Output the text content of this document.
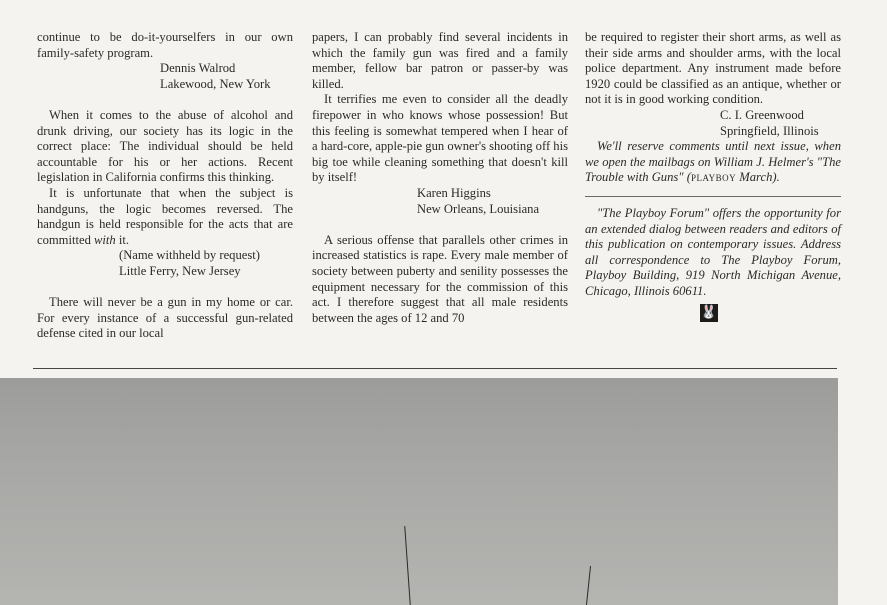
continue to be do-it-yourselfers in our own family-safety program.

Dennis Walrod

Lakewood, New York

When it comes to the abuse of alcohol and drunk driving, our society has its logic in the correct place: The individual should be held accountable for his or her actions. Recent legislation in California confirms this thinking.

It is unfortunate that when the subject is handguns, the logic becomes reversed. The handgun is held responsible for the acts that are committed with it.

(Name withheld by request)

Little Ferry, New Jersey

There will never be a gun in my home or car. For every instance of a successful gun-related defense cited in our local

papers, I can probably find several incidents in which the family gun was fired and a family member, fellow bar patron or passer-by was killed.

It terrifies me even to consider all the deadly firepower in who knows whose possession! But this feeling is somewhat tempered when I hear of a hard-core, apple-pie gun owner's shooting off his big toe while cleaning something that doesn't kill by itself!

Karen Higgins

New Orleans, Louisiana

A serious offense that parallels other crimes in increased statistics is rape. Every male member of society between puberty and senility possesses the equipment necessary for the commission of this act. I therefore suggest that all male residents between the ages of 12 and 70

be required to register their short arms, as well as their side arms and shoulder arms, with the local police department. Any instrument made before 1920 could be classified as an antique, whether or not it is in good working condition.

C. I. Greenwood

Springfield, Illinois

We'll reserve comments until next issue, when we open the mailbags on William J. Helmer's "The Trouble with Guns" (PLAYBOY March).

"The Playboy Forum" offers the opportunity for an extended dialog between readers and editors of this publication on contemporary issues. Address all correspondence to The Playboy Forum, Playboy Building, 919 North Michigan Avenue, Chicago, Illinois 60611.

🐰
